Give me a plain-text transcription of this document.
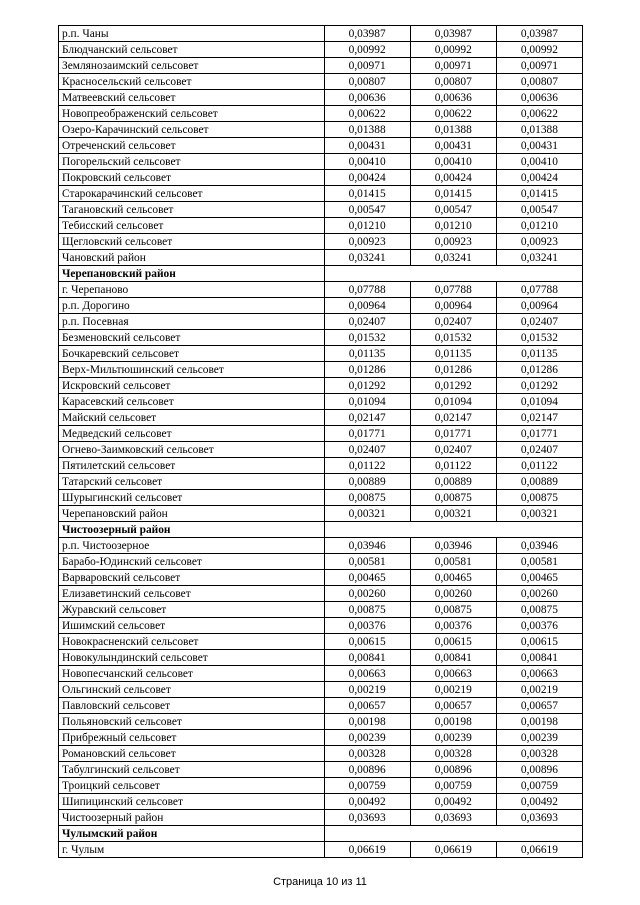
р.п. Чаны	0,03987	0,03987	0,03987
Блюдчанский сельсовет	0,00992	0,00992	0,00992
Землянозаимский сельсовет	0,00971	0,00971	0,00971
Красносельский сельсовет	0,00807	0,00807	0,00807
Матвеевский сельсовет	0,00636	0,00636	0,00636
Новопреображенский сельсовет	0,00622	0,00622	0,00622
Озеро-Карачинский сельсовет	0,01388	0,01388	0,01388
Отреченский сельсовет	0,00431	0,00431	0,00431
Погорельский сельсовет	0,00410	0,00410	0,00410
Покровский сельсовет	0,00424	0,00424	0,00424
Старокарачинский сельсовет	0,01415	0,01415	0,01415
Тагановский сельсовет	0,00547	0,00547	0,00547
Тебисский сельсовет	0,01210	0,01210	0,01210
Щегловский сельсовет	0,00923	0,00923	0,00923
Чановский район	0,03241	0,03241	0,03241
Черепановский район			
г. Черепаново	0,07788	0,07788	0,07788
р.п. Дорогино	0,00964	0,00964	0,00964
р.п. Посевная	0,02407	0,02407	0,02407
Безменовский сельсовет	0,01532	0,01532	0,01532
Бочкаревский сельсовет	0,01135	0,01135	0,01135
Верх-Мильтюшинский сельсовет	0,01286	0,01286	0,01286
Искровский сельсовет	0,01292	0,01292	0,01292
Карасевский сельсовет	0,01094	0,01094	0,01094
Майский сельсовет	0,02147	0,02147	0,02147
Медведский сельсовет	0,01771	0,01771	0,01771
Огнево-Заимковский сельсовет	0,02407	0,02407	0,02407
Пятилетский сельсовет	0,01122	0,01122	0,01122
Татарский сельсовет	0,00889	0,00889	0,00889
Шурыгинский сельсовет	0,00875	0,00875	0,00875
Черепановский район	0,00321	0,00321	0,00321
Чистоозерный район			
р.п. Чистоозерное	0,03946	0,03946	0,03946
Барабо-Юдинский сельсовет	0,00581	0,00581	0,00581
Варваровский сельсовет	0,00465	0,00465	0,00465
Елизаветинский сельсовет	0,00260	0,00260	0,00260
Журавский сельсовет	0,00875	0,00875	0,00875
Ишимский сельсовет	0,00376	0,00376	0,00376
Новокрасненский сельсовет	0,00615	0,00615	0,00615
Новокулындинский сельсовет	0,00841	0,00841	0,00841
Новопесчанский сельсовет	0,00663	0,00663	0,00663
Ольгинский сельсовет	0,00219	0,00219	0,00219
Павловский сельсовет	0,00657	0,00657	0,00657
Польяновский сельсовет	0,00198	0,00198	0,00198
Прибрежный сельсовет	0,00239	0,00239	0,00239
Романовский сельсовет	0,00328	0,00328	0,00328
Табулгинский сельсовет	0,00896	0,00896	0,00896
Троицкий сельсовет	0,00759	0,00759	0,00759
Шипицинский сельсовет	0,00492	0,00492	0,00492
Чистоозерный район	0,03693	0,03693	0,03693
Чулымский район			
г. Чулым	0,06619	0,06619	0,06619
Страница 10 из 11
